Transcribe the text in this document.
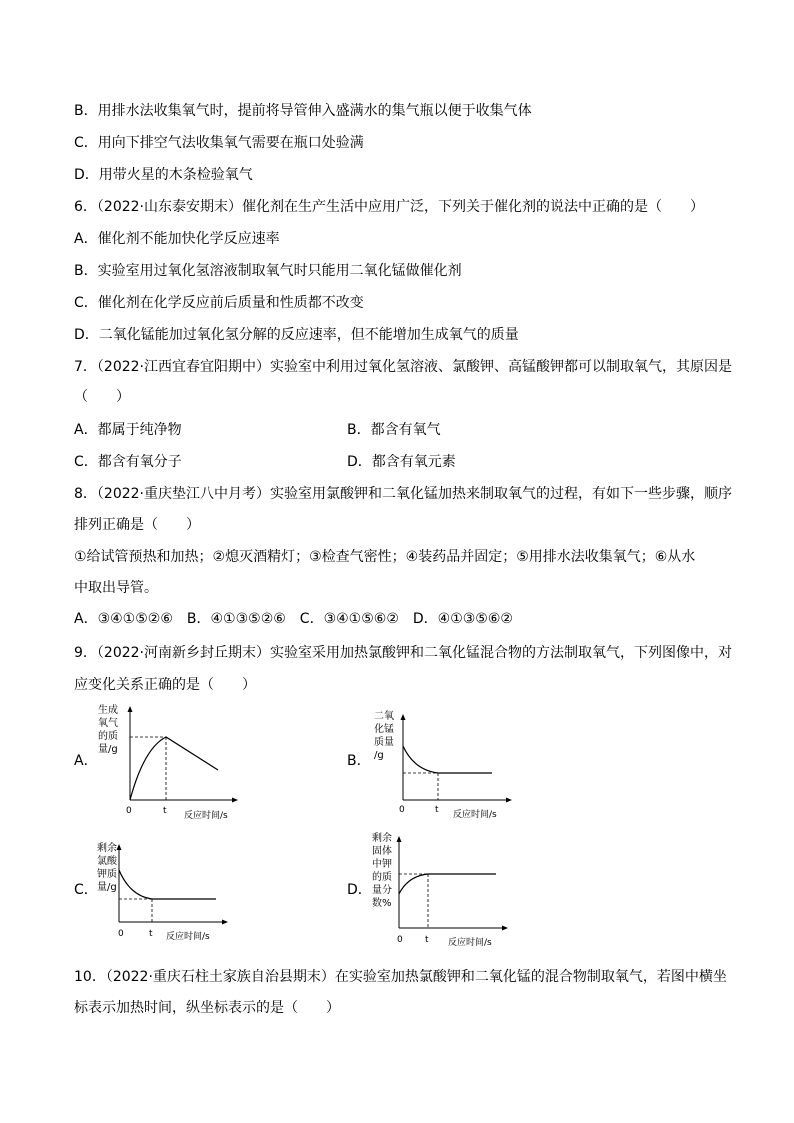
B．用排水法收集氧气时，提前将导管伸入盛满水的集气瓶以便于收集气体
C．用向下排空气法收集氧气需要在瓶口处验满
D．用带火星的木条检验氧气
6．（2022·山东泰安期末）催化剂在生产生活中应用广泛，下列关于催化剂的说法中正确的是（　　）
A．催化剂不能加快化学反应速率
B．实验室用过氧化氢溶液制取氧气时只能用二氧化锰做催化剂
C．催化剂在化学反应前后质量和性质都不改变
D．二氧化锰能加过氧化氢分解的反应速率，但不能增加生成氧气的质量
7．（2022·江西宜春宜阳期中）实验室中利用过氧化氢溶液、氯酸钾、高锰酸钾都可以制取氧气，其原因是
（　　）
A．都属于纯净物	B．都含有氧气
C．都含有氧分子	D．都含有氧元素
8．（2022·重庆垫江八中月考）实验室用氯酸钾和二氧化锰加热来制取氧气的过程，有如下一些步骤，顺序
排列正确是（　　）
①给试管预热和加热；②熄灭酒精灯；③检查气密性；④装药品并固定；⑤用排水法收集氧气；⑥从水
中取出导管。
A．③④①⑤②⑥　B．④①③⑤②⑥　C．③④①⑤⑥②　D．④①③⑤⑥②
9．（2022·河南新乡封丘期末）实验室采用加热氯酸钾和二氧化锰混合物的方法制取氧气，下列图像中，对
应变化关系正确的是（　　）
A．
生成
氧气
的质
量/g
0	t 反应时间/s
B．
二氧
化锰
质量
/g
0	t 反应时间/s
C．
剩余
氯酸
钾质
量/g
0	t 反应时间/s
D．
剩余
固体
中钾
的质
量分
数%
0 t 反应时间/s
10．（2022·重庆石柱土家族自治县期末）在实验室加热氯酸钾和二氧化锰的混合物制取氧气，若图中横坐
标表示加热时间，纵坐标表示的是（　　）
